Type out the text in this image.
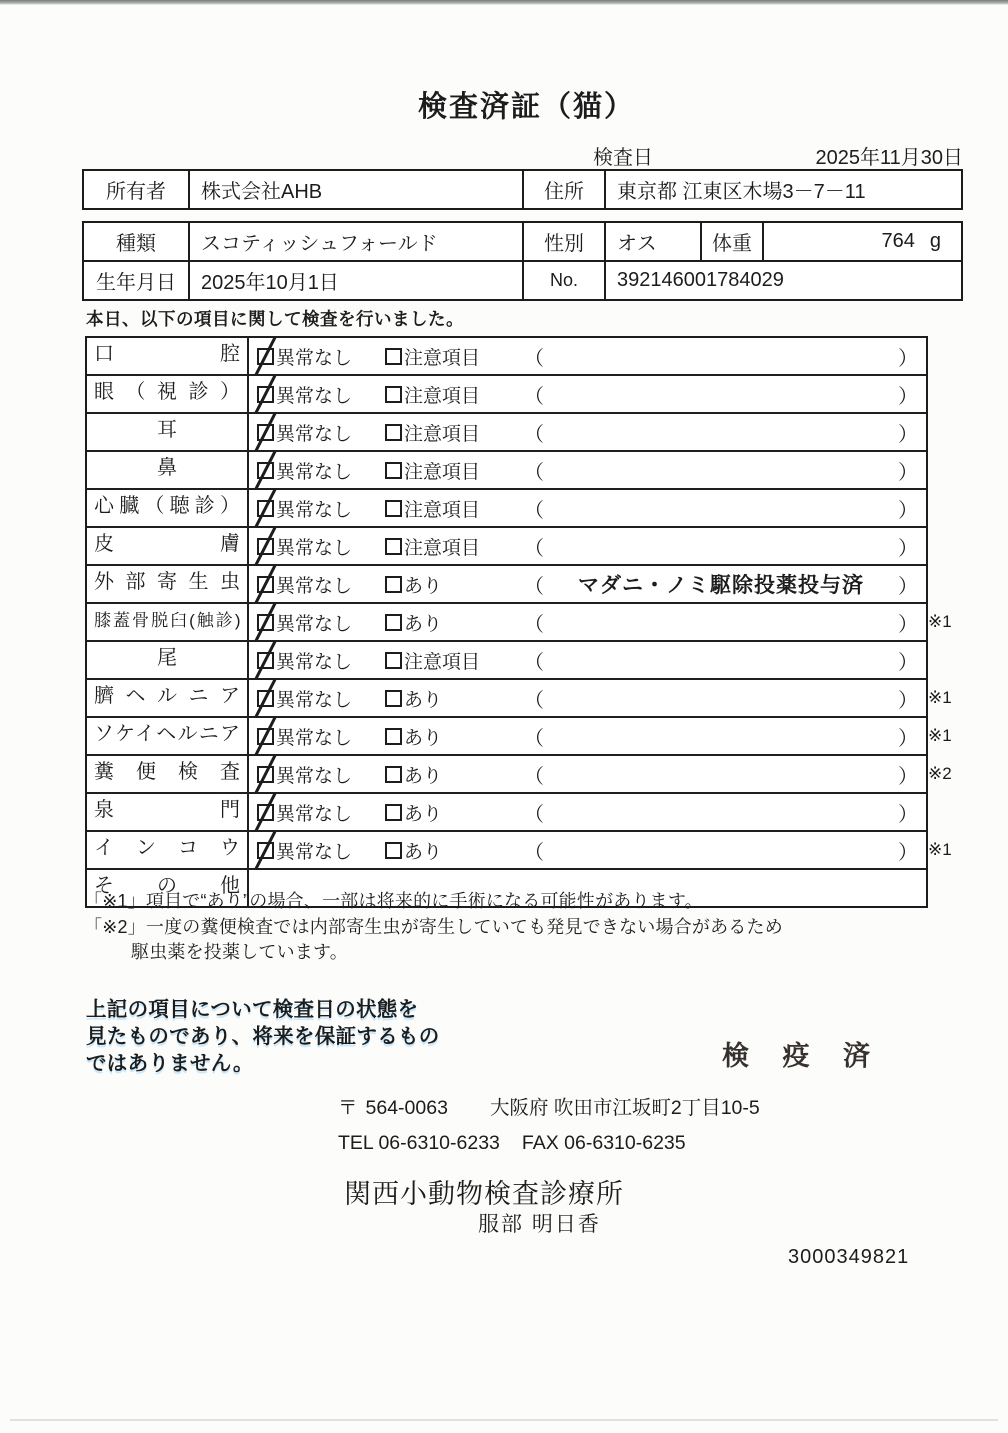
検査済証（猫）
検査日	2025年11月30日
所有者	株式会社AHB	住所	東京都 江東区木場3－7－11
種類	スコティッシュフォールド	性別	オス	体重	764 g
生年月日	2025年10月1日	No.	392146001784029
本日、以下の項目に関して検査を行いました。
口腔	異常なし	注意項目 （	）
眼（視診）	異常なし	注意項目 （	）
耳	異常なし	注意項目 （	）
鼻	異常なし	注意項目 （	）
心臓（聴診）	異常なし	注意項目 （	）
皮膚	異常なし	注意項目 （	）
外部寄生虫	異常なし	あり	（	マダニ・ノミ駆除投薬投与済	）
膝蓋骨脱臼(触診)	異常なし	あり	（	） ※1
尾	異常なし	注意項目 （	）
臍ヘルニア	異常なし	あり	（	） ※1
ソケイヘルニア	異常なし	あり	（	） ※1
糞便検査	異常なし	あり	（	） ※2
泉門	異常なし	あり	（	）
インコウ	異常なし	あり	（	） ※1
その他
「※1」項目で“あり”の場合、一部は将来的に手術になる可能性があります。
「※2」一度の糞便検査では内部寄生虫が寄生していても発見できない場合があるため
駆虫薬を投薬しています。
上記の項目について検査日の状態を
見たものであり、将来を保証するもの
ではありません。	検 疫 済
〒 564-0063 大阪府 吹田市江坂町2丁目10-5
TEL 06-6310-6233 FAX 06-6310-6235
関西小動物検査診療所
服部 明日香
3000349821
